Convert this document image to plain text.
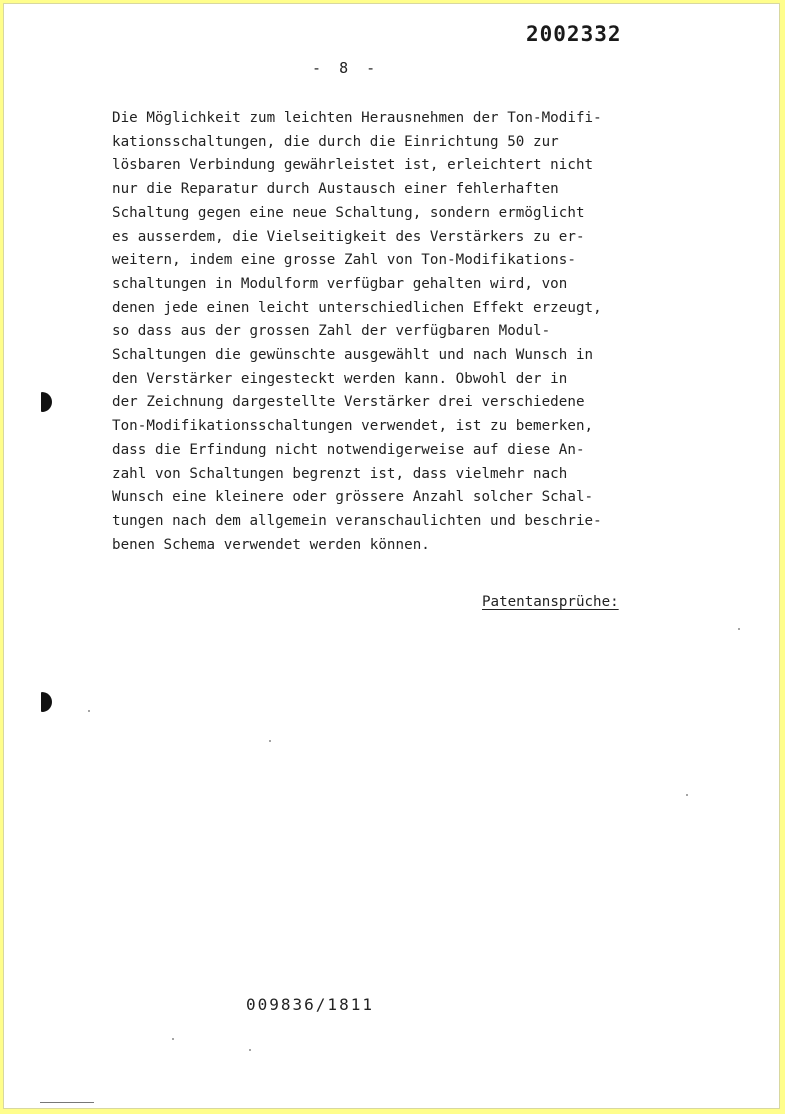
2002332
-  8  -
Die Möglichkeit zum leichten Herausnehmen der Ton-Modifi-
kationsschaltungen, die durch die Einrichtung 50 zur
lösbaren Verbindung gewährleistet ist, erleichtert nicht
nur die Reparatur durch Austausch einer fehlerhaften
Schaltung gegen eine neue Schaltung, sondern ermöglicht
es ausserdem, die Vielseitigkeit des Verstärkers zu er-
weitern, indem eine grosse Zahl von Ton-Modifikations-
schaltungen in Modulform verfügbar gehalten wird, von
denen jede einen leicht unterschiedlichen Effekt erzeugt,
so dass aus der grossen Zahl der verfügbaren Modul-
Schaltungen die gewünschte ausgewählt und nach Wunsch in
den Verstärker eingesteckt werden kann. Obwohl der in
der Zeichnung dargestellte Verstärker drei verschiedene
Ton-Modifikationsschaltungen verwendet, ist zu bemerken,
dass die Erfindung nicht notwendigerweise auf diese An-
zahl von Schaltungen begrenzt ist, dass vielmehr nach
Wunsch eine kleinere oder grössere Anzahl solcher Schal-
tungen nach dem allgemein veranschaulichten und beschrie-
benen Schema verwendet werden können.
Patentansprüche:
009836/1811
